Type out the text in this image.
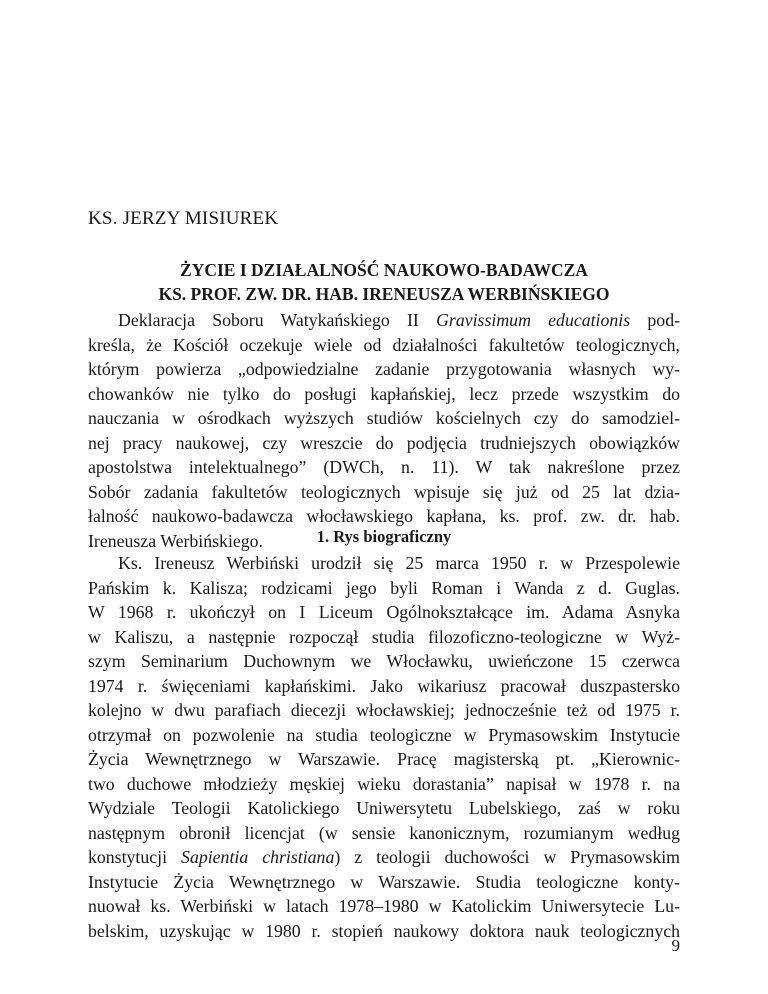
KS. JERZY MISIUREK
ŻYCIE I DZIAŁALNOŚĆ NAUKOWO-BADAWCZA
KS. PROF. ZW. DR. HAB. IRENEUSZA WERBIŃSKIEGO

Deklaracja Soboru Watykańskiego II Gravissimum educationis pod-
kreśla, że Kościół oczekuje wiele od działalności fakultetów teologicznych,
którym powierza „odpowiedzialne zadanie przygotowania własnych wy-
chowanków nie tylko do posługi kapłańskiej, lecz przede wszystkim do
nauczania w ośrodkach wyższych studiów kościelnych czy do samodziel-
nej pracy naukowej, czy wreszcie do podjęcia trudniejszych obowiązków
apostolstwa intelektualnego” (DWCh, n. 11). W tak nakreślone przez
Sobór zadania fakultetów teologicznych wpisuje się już od 25 lat dzia-
łalność naukowo-badawcza włocławskiego kapłana, ks. prof. zw. dr. hab.
Ireneusza Werbińskiego.	1. Rys biograficzny

Ks. Ireneusz Werbiński urodził się 25 marca 1950 r. w Przespolewie
Pańskim k. Kalisza; rodzicami jego byli Roman i Wanda z d. Guglas.
W 1968 r. ukończył on I Liceum Ogólnokształcące im. Adama Asnyka
w Kaliszu, a następnie rozpoczął studia filozoficzno-teologiczne w Wyż-
szym Seminarium Duchownym we Włocławku, uwieńczone 15 czerwca
1974 r. święceniami kapłańskimi. Jako wikariusz pracował duszpastersko
kolejno w dwu parafiach diecezji włocławskiej; jednocześnie też od 1975 r.
otrzymał on pozwolenie na studia teologiczne w Prymasowskim Instytucie
Życia Wewnętrznego w Warszawie. Pracę magisterską pt. „Kierownic-
two duchowe młodzieży męskiej wieku dorastania” napisał w 1978 r. na
Wydziale Teologii Katolickiego Uniwersytetu Lubelskiego, zaś w roku
następnym obronił licencjat (w sensie kanonicznym, rozumianym według
konstytucji Sapientia christiana) z teologii duchowości w Prymasowskim
Instytucie Życia Wewnętrznego w Warszawie. Studia teologiczne konty-
nuował ks. Werbiński w latach 1978–1980 w Katolickim Uniwersytecie Lu-
belskim, uzyskując w 1980 r. stopień naukowy doktora nauk teologicznych

9
